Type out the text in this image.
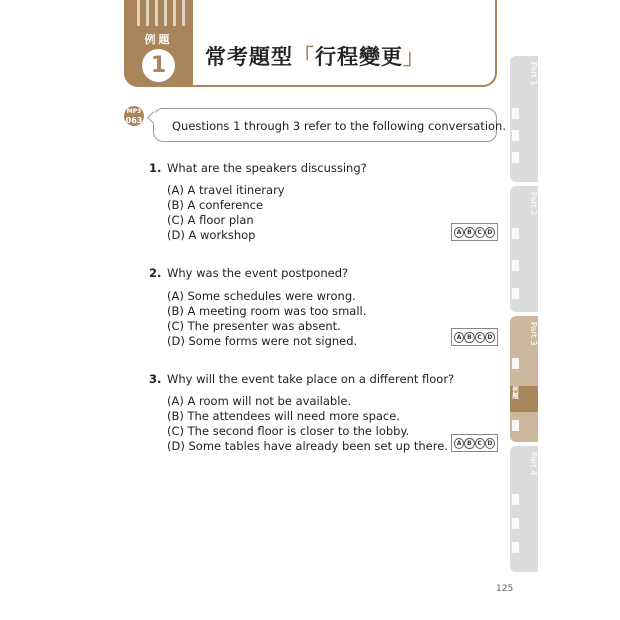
例題
1	常考題型「行程變更」
MP3
063	Questions 1 through 3 refer to the following conversation.
1. What are the speakers discussing?
(A) A travel itinerary
(B) A conference
(C) A floor plan
(D) A workshop	A B C D
2. Why was the event postponed?
(A) Some schedules were wrong.
(B) A meeting room was too small.
(C) The presenter was absent.
(D) Some forms were not signed.	A B C D
3. Why will the event take place on a different floor?
(A) A room will not be available.
(B) The attendees will need more space.
(C) The second floor is closer to the lobby.
(D) Some tables have already been set up there.	A B C D
Part 1
Part 2
Part 3
例題
Part 4
125
